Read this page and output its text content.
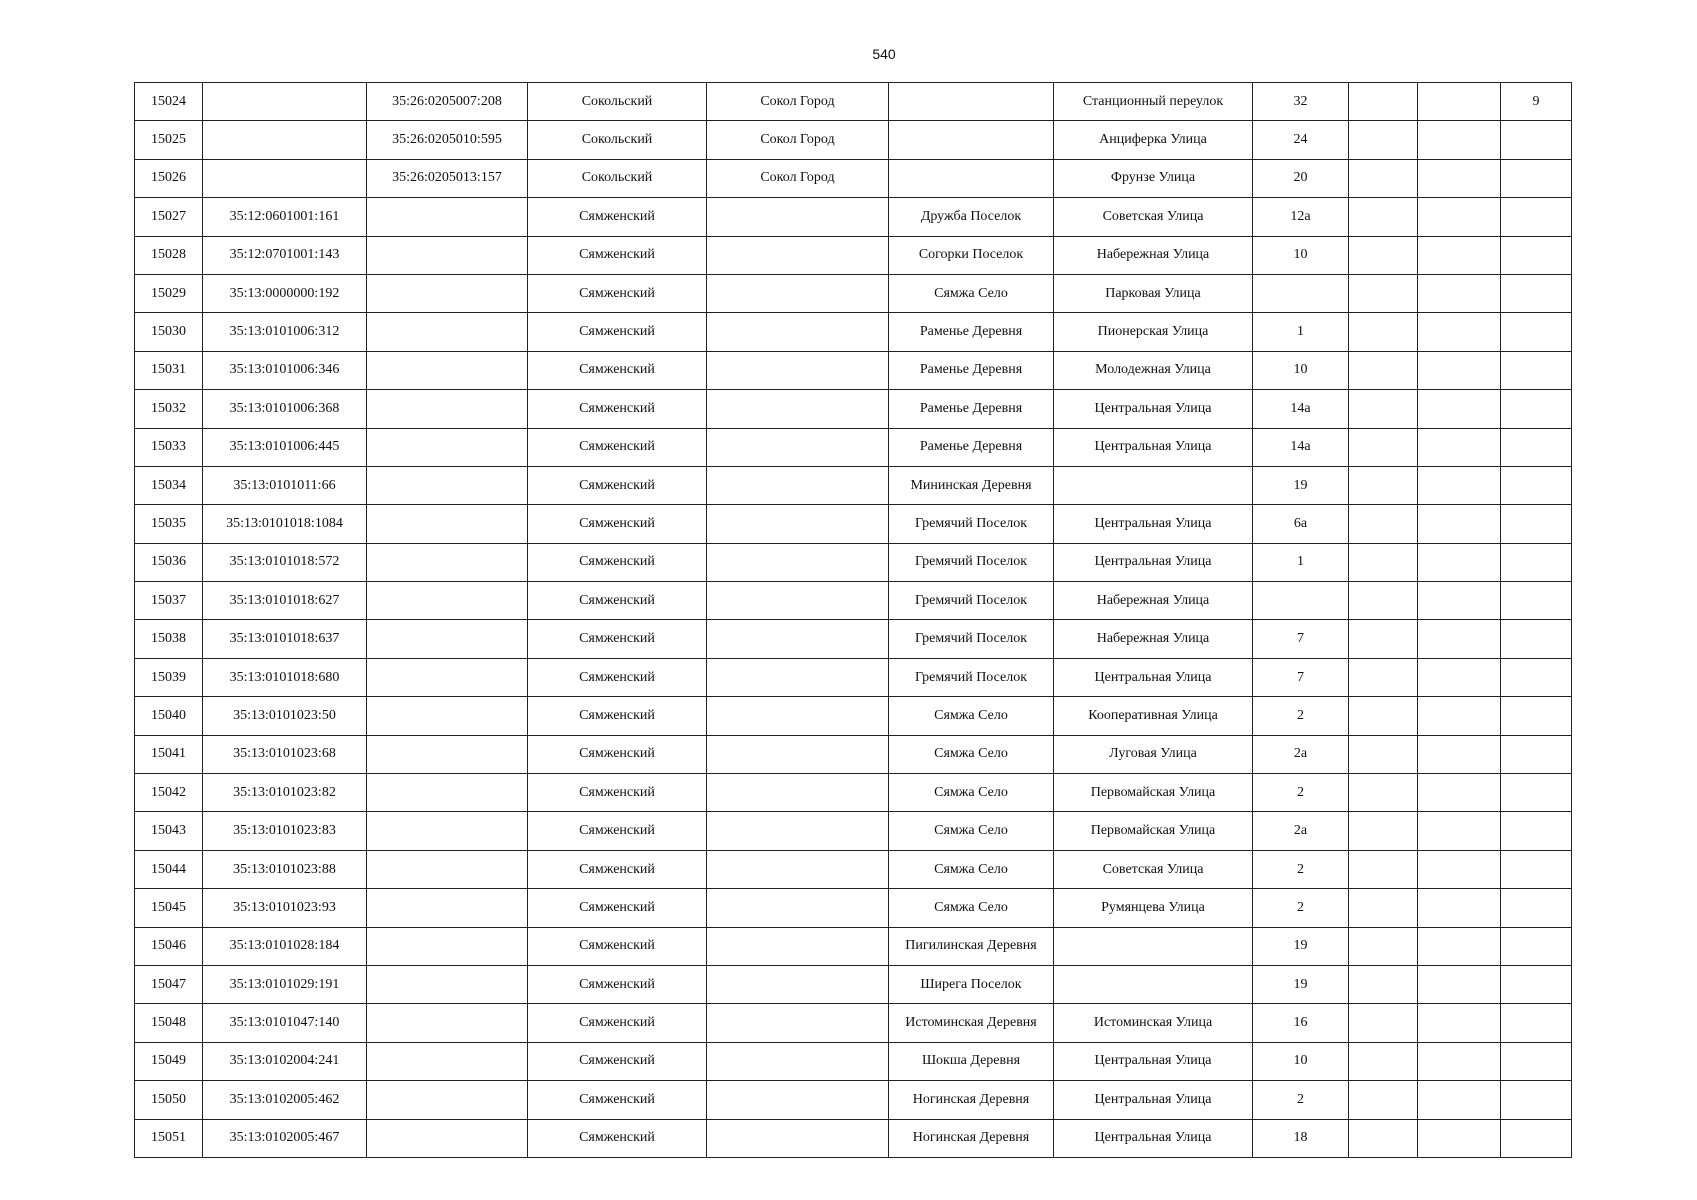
540
15024		35:26:0205007:208	Сокольский	Сокол Город		Станционный переулок	32			9
15025		35:26:0205010:595	Сокольский	Сокол Город		Анциферка Улица	24			
15026		35:26:0205013:157	Сокольский	Сокол Город		Фрунзе Улица	20			
15027	35:12:0601001:161		Сямженский		Дружба Поселок	Советская Улица	12а			
15028	35:12:0701001:143		Сямженский		Согорки Поселок	Набережная Улица	10			
15029	35:13:0000000:192		Сямженский		Сямжа Село	Парковая Улица				
15030	35:13:0101006:312		Сямженский		Раменье Деревня	Пионерская Улица	1			
15031	35:13:0101006:346		Сямженский		Раменье Деревня	Молодежная Улица	10			
15032	35:13:0101006:368		Сямженский		Раменье Деревня	Центральная Улица	14а			
15033	35:13:0101006:445		Сямженский		Раменье Деревня	Центральная Улица	14а			
15034	35:13:0101011:66		Сямженский		Мининская Деревня		19			
15035	35:13:0101018:1084		Сямженский		Гремячий Поселок	Центральная Улица	6а			
15036	35:13:0101018:572		Сямженский		Гремячий Поселок	Центральная Улица	1			
15037	35:13:0101018:627		Сямженский		Гремячий Поселок	Набережная Улица				
15038	35:13:0101018:637		Сямженский		Гремячий Поселок	Набережная Улица	7			
15039	35:13:0101018:680		Сямженский		Гремячий Поселок	Центральная Улица	7			
15040	35:13:0101023:50		Сямженский		Сямжа Село	Кооперативная Улица	2			
15041	35:13:0101023:68		Сямженский		Сямжа Село	Луговая Улица	2а			
15042	35:13:0101023:82		Сямженский		Сямжа Село	Первомайская Улица	2			
15043	35:13:0101023:83		Сямженский		Сямжа Село	Первомайская Улица	2а			
15044	35:13:0101023:88		Сямженский		Сямжа Село	Советская Улица	2			
15045	35:13:0101023:93		Сямженский		Сямжа Село	Румянцева Улица	2			
15046	35:13:0101028:184		Сямженский		Пигилинская Деревня		19			
15047	35:13:0101029:191		Сямженский		Ширега Поселок		19			
15048	35:13:0101047:140		Сямженский		Истоминская Деревня	Истоминская Улица	16			
15049	35:13:0102004:241		Сямженский		Шокша Деревня	Центральная Улица	10			
15050	35:13:0102005:462		Сямженский		Ногинская Деревня	Центральная Улица	2			
15051	35:13:0102005:467		Сямженский		Ногинская Деревня	Центральная Улица	18			
